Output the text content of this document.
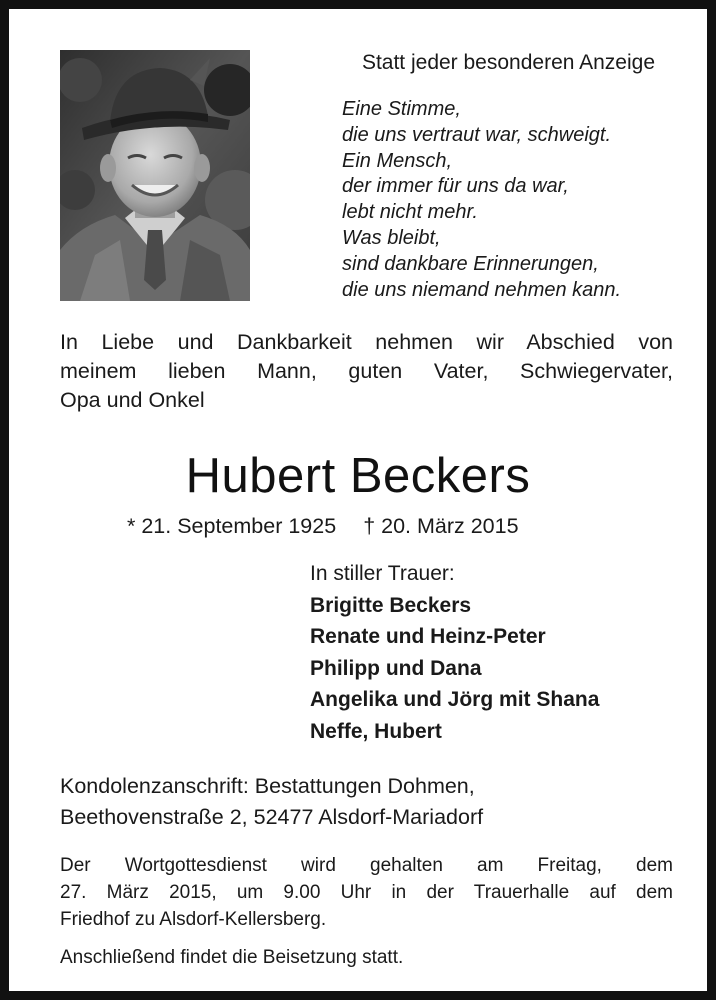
Statt jeder besonderen Anzeige
Eine Stimme,
die uns vertraut war, schweigt.
Ein Mensch,
der immer für uns da war,
lebt nicht mehr.
Was bleibt,
sind dankbare Erinnerungen,
die uns niemand nehmen kann.
In Liebe und Dankbarkeit nehmen wir Abschied von
meinem lieben Mann, guten Vater, Schwiegervater,
Opa und Onkel
Hubert Beckers
* 21. September 1925 † 20. März 2015
In stiller Trauer:
Brigitte Beckers
Renate und Heinz-Peter
Philipp und Dana
Angelika und Jörg mit Shana
Neffe, Hubert
Kondolenzanschrift: Bestattungen Dohmen,
Beethovenstraße 2, 52477 Alsdorf-Mariadorf
Der Wortgottesdienst wird gehalten am Freitag, dem
27. März 2015, um 9.00 Uhr in der Trauerhalle auf dem
Friedhof zu Alsdorf-Kellersberg.
Anschließend findet die Beisetzung statt.
